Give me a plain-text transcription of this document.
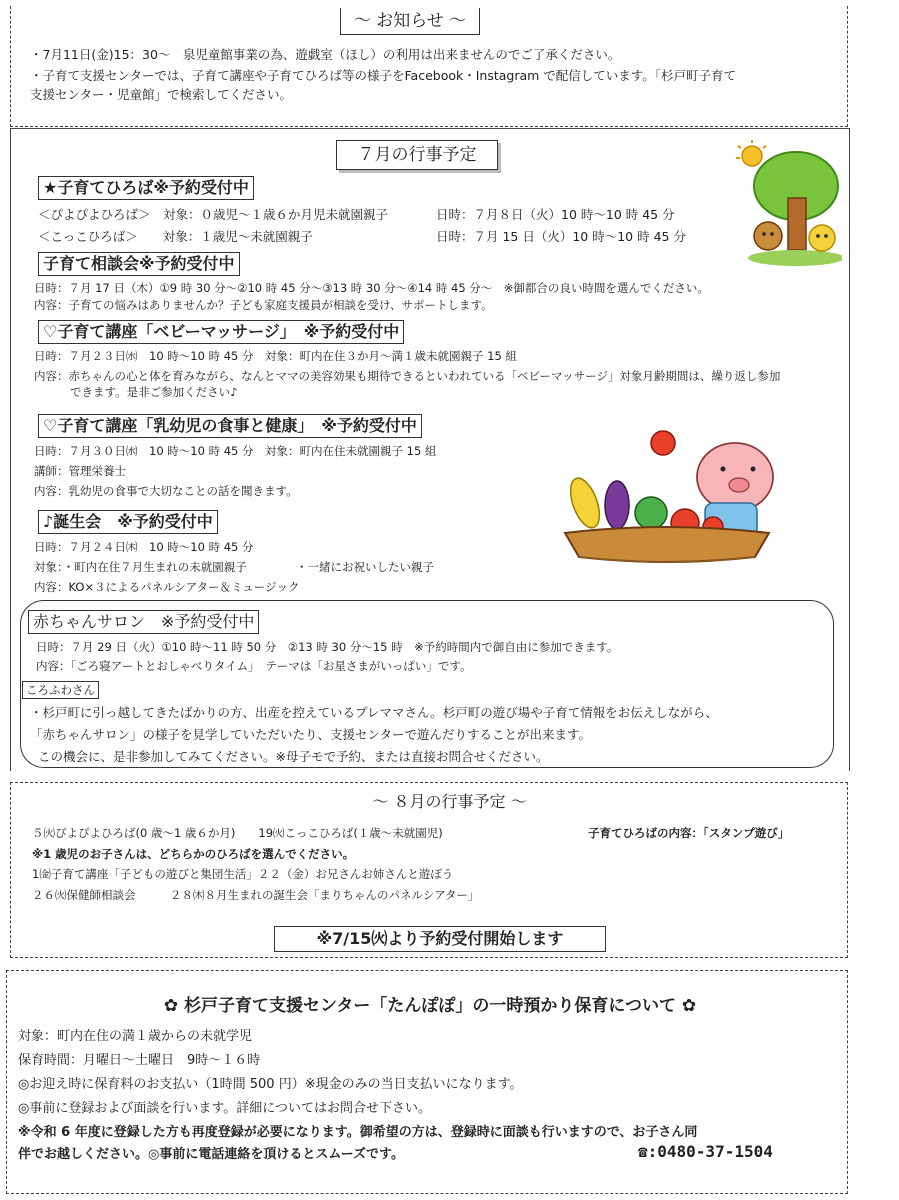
～ お知らせ ～
・7月11日(金)15：30～　泉児童館事業の為、遊戯室（ほし）の利用は出来ませんのでご了承ください。
・子育て支援センターでは、子育て講座や子育てひろば等の様子をFacebook・Instagram で配信しています。「杉戸町子育て
支援センター・児童館」で検索してください。
７月の行事予定
★子育てひろば※予約受付中
＜ぴよぴよひろば＞　対象：０歳児～１歳６か月児未就園親子	日時：７月８日（火）10 時～10 時 45 分
＜こっこひろば＞　　対象：１歳児～未就園親子	日時：７月 15 日（火）10 時～10 時 45 分
子育て相談会※予約受付中
日時：７月 17 日（木）①9 時 30 分～②10 時 45 分～③13 時 30 分～④14 時 45 分～　※御都合の良い時間を選んでください。
内容：子育ての悩みはありませんか？子ども家庭支援員が相談を受け、サポートします。
♡子育て講座「ベビーマッサージ」　※予約受付中
日時：７月２３日㈬　10 時～10 時 45 分　対象：町内在住３か月～満１歳未就園親子 15 組
内容：赤ちゃんの心と体を育みながら、なんとママの美容効果も期待できるといわれている「ベビーマッサージ」対象月齢期間は、繰り返し参加
できます。是非ご参加ください♪
♡子育て講座「乳幼児の食事と健康」　※予約受付中
日時：７月３０日㈬　10 時～10 時 45 分　対象：町内在住未就園親子 15 組
講師：管理栄養士
内容：乳幼児の食事で大切なことの話を聞きます。
♪誕生会　※予約受付中
日時：７月２４日㈭　10 時～10 時 45 分
対象：・町内在住７月生まれの未就園親子	・一緒にお祝いしたい親子
内容：KO×３によるパネルシアター＆ミュージック
赤ちゃんサロン　※予約受付中
日時：７月 29 日（火）①10 時～11 時 50 分　②13 時 30 分～15 時　※予約時間内で御自由に参加できます。
内容：「ごろ寝アートとおしゃべりタイム」　テーマは「お星さまがいっぱい」です。
ころふわさん
・杉戸町に引っ越してきたばかりの方、出産を控えているプレママさん。杉戸町の遊び場や子育て情報をお伝えしながら、
「赤ちゃんサロン」の様子を見学していただいたり、支援センターで遊んだりすることが出来ます。
この機会に、是非参加してみてください。※母子モで予約、または直接お問合せください。
～ ８月の行事予定 ～
５㈫ぴよぴよひろば(0 歳～1 歳６か月)　　19㈫こっこひろば(１歳～未就園児)	子育てひろばの内容：「スタンプ遊び」
※1 歳児のお子さんは、どちらかのひろばを選んでください。
1㈮子育て講座「子どもの遊びと集団生活」２２（金）お兄さんお姉さんと遊ぼう
２６㈫保健師相談会　　　２８㈭８月生まれの誕生会「まりちゃんのパネルシアター」
※7/15㈫より予約受付開始します
✿ 杉戸子育て支援センター「たんぽぽ」の一時預かり保育について ✿
対象：町内在住の満１歳からの未就学児
保育時間：月曜日～土曜日　9時～１６時
◎お迎え時に保育料のお支払い（1時間 500 円）※現金のみの当日支払いになります。
◎事前に登録および面談を行います。詳細についてはお問合せ下さい。
※令和 6 年度に登録した方も再度登録が必要になります。御希望の方は、登録時に面談も行いますので、お子さん同
伴でお越しください。◎事前に電話連絡を頂けるとスムーズです。	☎:0480-37-1504
